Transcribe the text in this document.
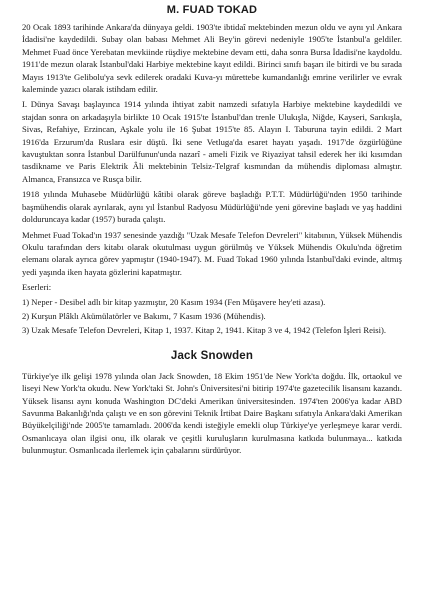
M. FUAD TOKAD

20 Ocak 1893 tarihinde Ankara'da dünyaya geldi. 1903'te ibtidaî mektebinden mezun oldu ve aynı yıl Ankara İdadisi'ne kaydedildi. Subay olan babası Mehmet Ali Bey'in görevi nedeniyle 1905'te İstanbul'a geldiler. Mehmet Fuad önce Yerebatan mevkiinde rüşdiye mektebine devam etti, daha sonra Bursa İdadisi'ne kaydoldu. 1911'de mezun olarak İstanbul'daki Harbiye mektebine kayıt edildi. Birinci sınıfı başarı ile bitirdi ve bu sırada Mayıs 1913'te Gelibolu'ya sevk edilerek oradaki Kuva-yı mürettebe kumandanlığı emrine verilirler ve evrak kaleminde yazıcı olarak istihdam edilir.

I. Dünya Savaşı başlayınca 1914 yılında ihtiyat zabit namzedi sıfatıyla Harbiye mektebine kaydedildi ve stajdan sonra on arkadaşıyla birlikte 10 Ocak 1915'te İstanbul'dan trenle Ulukışla, Niğde, Kayseri, Sarıkışla, Sivas, Refahiye, Erzincan, Aşkale yolu ile 16 Şubat 1915'te 85. Alayın I. Taburuna tayin edildi. 2 Mart 1916'da Erzurum'da Ruslara esir düştü. İki sene Vetluga'da esaret hayatı yaşadı. 1917'de özgürlüğüne kavuştuktan sonra İstanbul Darülfunun'unda nazarî - ameli Fizik ve Riyaziyat tahsil ederek her iki kısımdan tasdikname ve Paris Elektrik Âli mektebinin Telsiz-Telgraf kısmından da mühendis diploması almıştır. Almanca, Fransızca ve Rusça bilir.

1918 yılında Muhasebe Müdürlüğü kâtibi olarak göreve başladığı P.T.T. Müdürlüğü'nden 1950 tarihinde başmühendis olarak ayrılarak, aynı yıl İstanbul Radyosu Müdürlüğü'nde yeni görevine başladı ve yaş haddini dolduruncaya kadar (1957) burada çalıştı.

Mehmet Fuad Tokad'ın 1937 senesinde yazdığı "Uzak Mesafe Telefon Devreleri" kitabının, Yüksek Mühendis Okulu tarafından ders kitabı olarak okutulması uygun görülmüş ve Yüksek Mühendis Okulu'nda öğretim elemanı olarak ayrıca görev yapmıştır (1940-1947). M. Fuad Tokad 1960 yılında İstanbul'daki evinde, altmış yedi yaşında iken hayata gözlerini kapatmıştır.

Eserleri:

1) Neper - Desibel adlı bir kitap yazmıştır, 20 Kasım 1934 (Fen Müşavere hey'eti azası).

2) Kurşun Plâklı Akümülatörler ve Bakımı, 7 Kasım 1936 (Mühendis).

3) Uzak Mesafe Telefon Devreleri, Kitap 1, 1937. Kitap 2, 1941. Kitap 3 ve 4, 1942 (Telefon İşleri Reisi).

Jack Snowden

Türkiye'ye ilk gelişi 1978 yılında olan Jack Snowden, 18 Ekim 1951'de New York'ta doğdu. İlk, ortaokul ve liseyi New York'ta okudu. New York'taki St. John's Üniversitesi'ni bitirip 1974'te gazetecilik lisansını kazandı. Yüksek lisansı aynı konuda Washington DC'deki Amerikan üniversitesinden. 1974'ten 2006'ya kadar ABD Savunma Bakanlığı'nda çalıştı ve en son görevini Teknik İrtibat Daire Başkanı sıfatıyla Ankara'daki Amerikan Büyükelçiliği'nde 2005'te tamamladı. 2006'da kendi isteğiyle emekli olup Türkiye'ye yerleşmeye karar verdi. Osmanlıcaya olan ilgisi onu, ilk olarak ve çeşitli kuruluşların kurulmasına katkıda bulunmaya... katkıda bulunmuştur. Osmanlıcada ilerlemek için çabalarını sürdürüyor.
